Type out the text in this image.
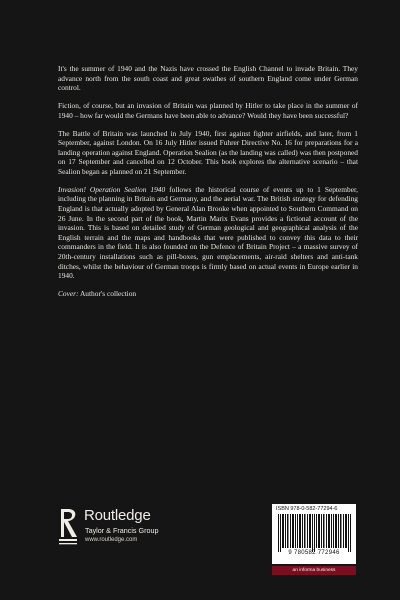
It's the summer of 1940 and the Nazis have crossed the English Channel to invade Britain. They advance north from the south coast and great swathes of southern England come under German control.

Fiction, of course, but an invasion of Britain was planned by Hitler to take place in the summer of 1940 – how far would the Germans have been able to advance? Would they have been successful?

The Battle of Britain was launched in July 1940, first against fighter airfields, and later, from 1 September, against London. On 16 July Hitler issued Fuhrer Directive No. 16 for preparations for a landing operation against England. Operation Sealion (as the landing was called) was then postponed on 17 September and cancelled on 12 October. This book explores the alternative scenario – that Sealion began as planned on 21 September.

Invasion! Operation Sealion 1940 follows the historical course of events up to 1 September, including the planning in Britain and Germany, and the aerial war. The British strategy for defending England is that actually adopted by General Alan Brooke when appointed to Southern Command on 26 June. In the second part of the book, Martin Marix Evans provides a fictional account of the invasion. This is based on detailed study of German geological and geographical analysis of the English terrain and the maps and handbooks that were published to convey this data to their commanders in the field. It is also founded on the Defence of Britain Project – a massive survey of 20th-century installations such as pill-boxes, gun emplacements, air-raid shelters and anti-tank ditches, whilst the behaviour of German troops is firmly based on actual events in Europe earlier in 1940.

Cover: Author's collection

Routledge
Taylor & Francis Group
www.routledge.com
ISBN 978-0-582-77294-6
9 780582 772946
an informa business
